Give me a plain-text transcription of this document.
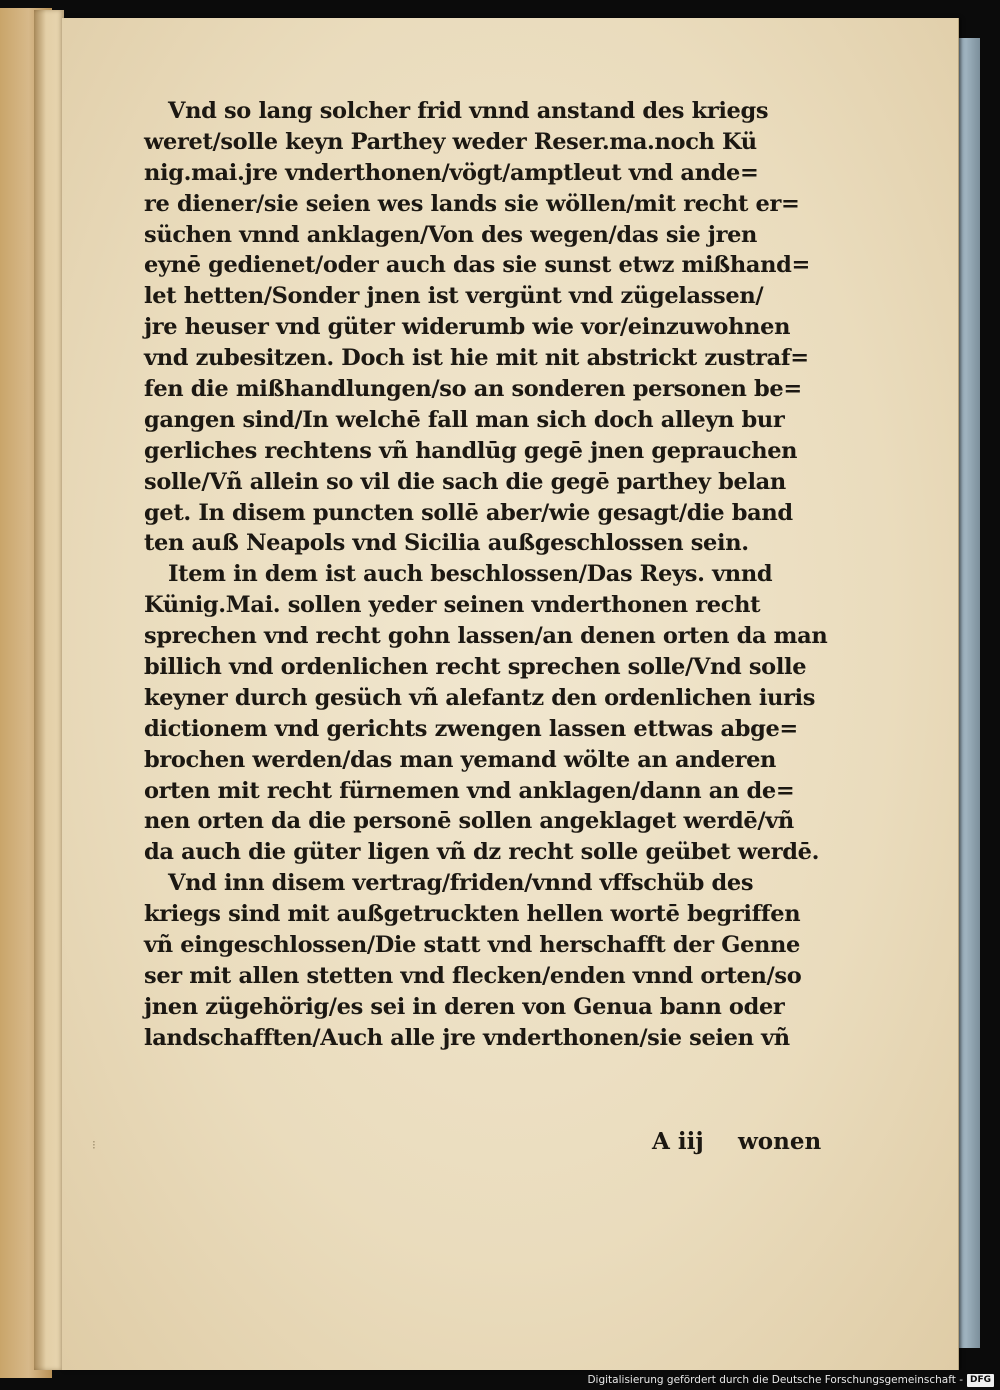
Vnd so lang solcher frid vnnd anstand des kriegs
weret/solle keyn Parthey weder Reser.ma.noch Kü
nig.mai.jre vnderthonen/vögt/amptleut vnd ande=
re diener/sie seien wes lands sie wöllen/mit recht er=
süchen vnnd anklagen/Von des wegen/das sie jren
eynē gedienet/oder auch das sie sunst etwz mißhand=
let hetten/Sonder jnen ist vergünt vnd zügelassen/
jre heuser vnd güter widerumb wie vor/einzuwohnen
vnd zubesitzen. Doch ist hie mit nit abstrickt zustraf=
fen die mißhandlungen/so an sonderen personen be=
gangen sind/In welchē fall man sich doch alleyn bur
gerliches rechtens vñ handlūg gegē jnen geprauchen
solle/Vñ allein so vil die sach die gegē parthey belan
get. In disem puncten sollē aber/wie gesagt/die band
ten auß Neapols vnd Sicilia außgeschlossen sein.
Item in dem ist auch beschlossen/Das Reys. vnnd
Künig.Mai. sollen yeder seinen vnderthonen recht
sprechen vnd recht gohn lassen/an denen orten da man
billich vnd ordenlichen recht sprechen solle/Vnd solle
keyner durch gesüch vñ alefantz den ordenlichen iuris
dictionem vnd gerichts zwengen lassen ettwas abge=
brochen werden/das man yemand wölte an anderen
orten mit recht fürnemen vnd anklagen/dann an de=
nen orten da die personē sollen angeklaget werdē/vñ
da auch die güter ligen vñ dz recht solle geübet werdē.
Vnd inn disem vertrag/friden/vnnd vffschüb des
kriegs sind mit außgetruckten hellen wortē begriffen
vñ eingeschlossen/Die statt vnd herschafft der Genne
ser mit allen stetten vnd flecken/enden vnnd orten/so
jnen zügehörig/es sei in deren von Genua bann oder
landschafften/Auch alle jre vnderthonen/sie seien vñ
⁝	A iij wonen
Digitalisierung gefördert durch die Deutsche Forschungsgemeinschaft - DFG
